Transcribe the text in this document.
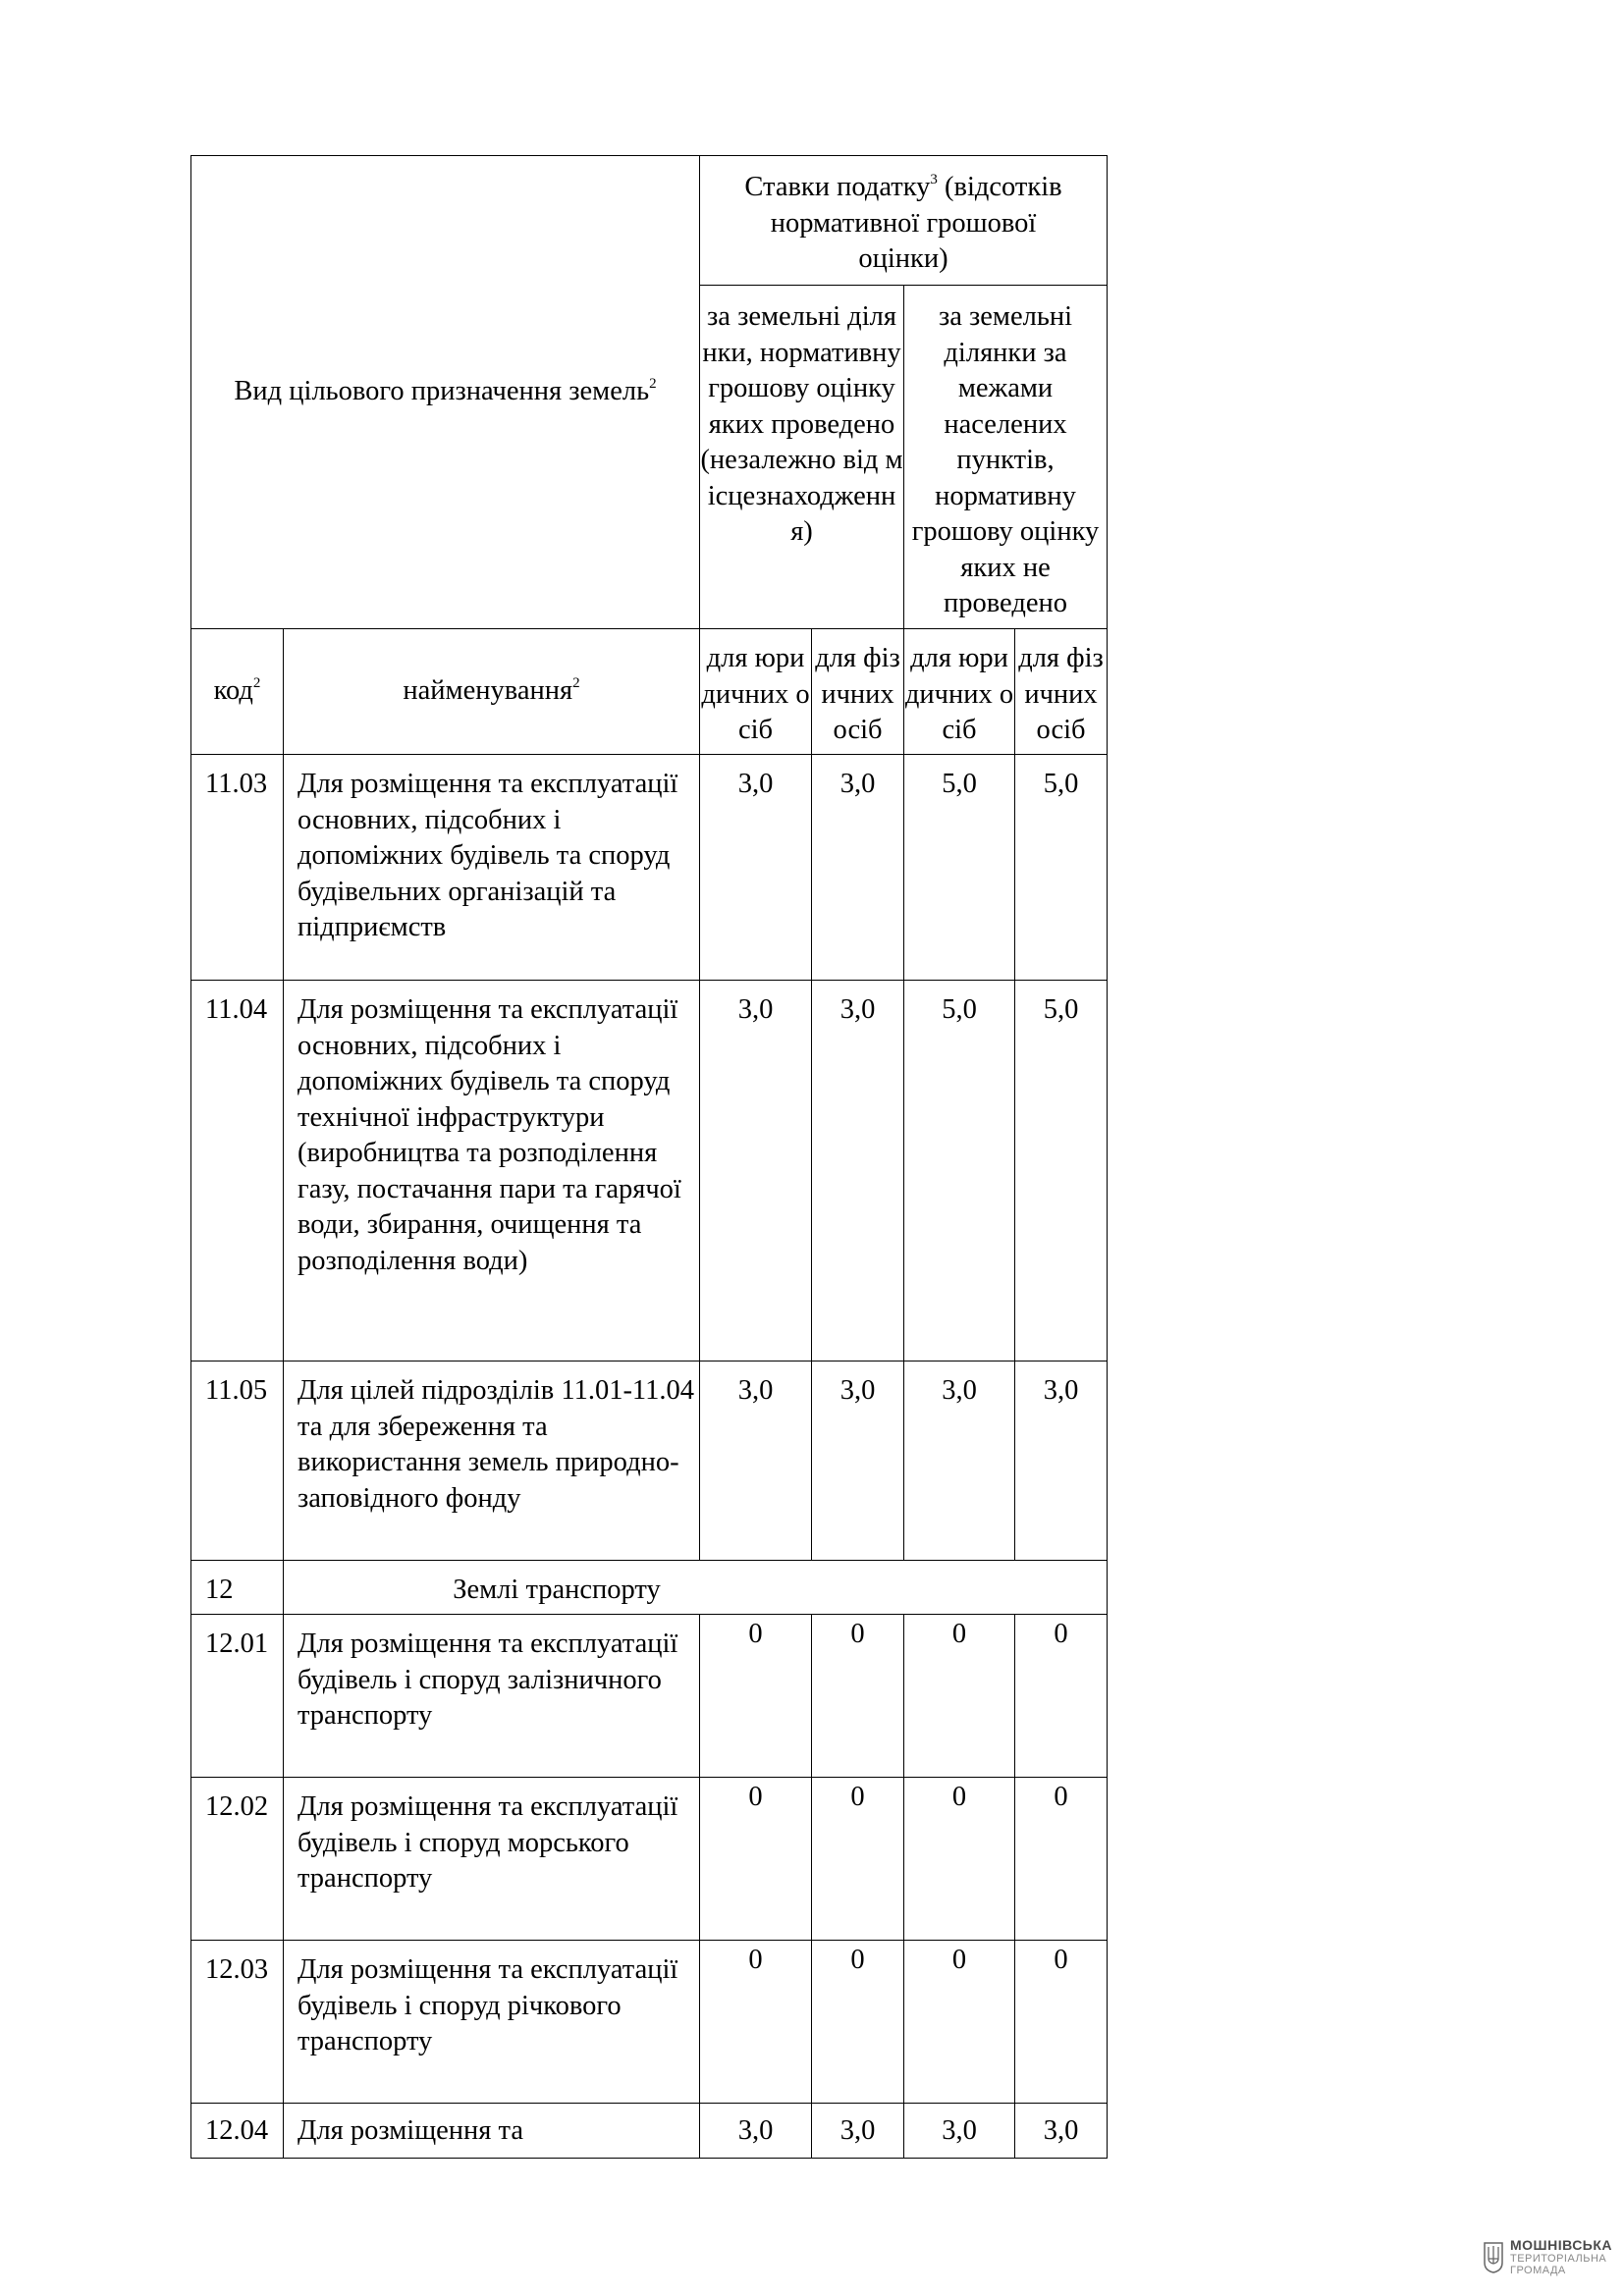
Вид цільового призначення земель$^2$		Ставки податку$^3$ (відсотків нормативної грошової оцінки)			
		за земельні ділянки, нормативну грошову оцінку яких проведено (незалежно від місцезнаходження)		за земельні ділянки за межами населених пунктів, нормативну грошову оцінку яких не проведено	
код$^2$	найменування$^2$	для юридичних осіб	для фізичних осіб	для юридичних осіб	для фізичних осіб
11.03	Для розміщення та експлуатації основних, підсобних і допоміжних будівель та споруд будівельних організацій та підприємств	3,0	3,0	5,0	5,0
11.04	Для розміщення та експлуатації основних, підсобних і допоміжних будівель та споруд технічної інфраструктури (виробництва та розподілення газу, постачання пари та гарячої води, збирання, очищення та розподілення води)	3,0	3,0	5,0	5,0
11.05	Для цілей підрозділів 11.01-11.04 та для збереження та використання земель природно-заповідного фонду	3,0	3,0	3,0	3,0
12	Землі транспорту				

12.01	Для розміщення та експлуатації будівель і споруд залізничного транспорту	0	0	0	0
12.02	Для розміщення та експлуатації будівель і споруд морського транспорту	0	0	0	0
12.03	Для розміщення та експлуатації будівель і споруд річкового транспорту	0	0	0	0
12.04	Для розміщення та	3,0	3,0	3,0	3,0
МОШНІВСЬКА
ТЕРИТОРІАЛЬНА
ГРОМАДА
